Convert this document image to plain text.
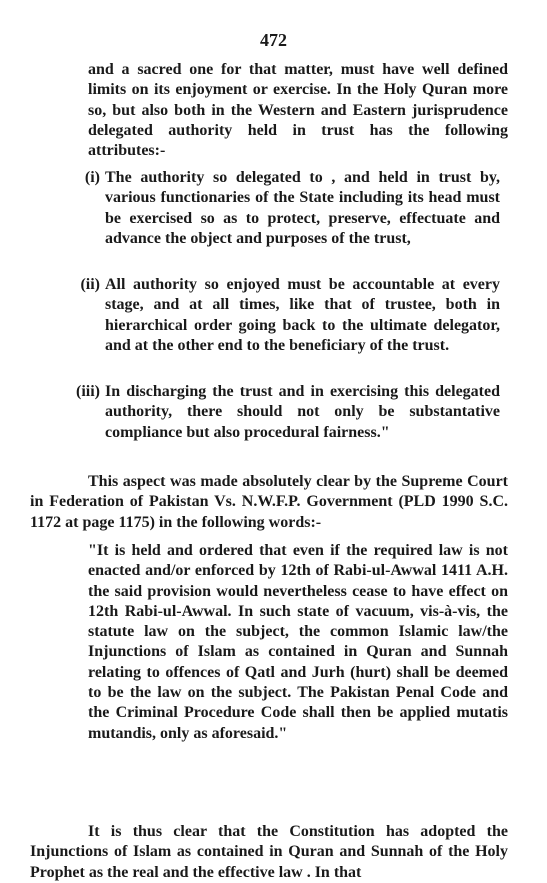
472
and a sacred one for that matter, must have well defined limits on its enjoyment or exercise. In the Holy Quran more so, but also both in the Western and Eastern jurisprudence delegated authority held in trust has the following attributes:-
(i) The authority so delegated to , and held in trust by, various functionaries of the State including its head must be exercised so as to protect, preserve, effectuate and advance the object and purposes of the trust,
(ii) All authority so enjoyed must be accountable at every stage, and at all times, like that of trustee, both in hierarchical order going back to the ultimate delegator, and at the other end to the beneficiary of the trust.
(iii) In discharging the trust and in exercising this delegated authority, there should not only be substantative compliance but also procedural fairness."
This aspect was made absolutely clear by the Supreme Court in Federation of Pakistan Vs. N.W.F.P. Government (PLD 1990 S.C. 1172 at page 1175) in the following words:-
"It is held and ordered that even if the required law is not enacted and/or enforced by 12th of Rabi-ul-Awwal 1411 A.H. the said provision would nevertheless cease to have effect on 12th Rabi-ul-Awwal. In such state of vacuum, vis-à-vis, the statute law on the subject, the common Islamic law/the Injunctions of Islam as contained in Quran and Sunnah relating to offences of Qatl and Jurh (hurt) shall be deemed to be the law on the subject. The Pakistan Penal Code and the Criminal Procedure Code shall then be applied mutatis mutandis, only as aforesaid."
It is thus clear that the Constitution has adopted the Injunctions of Islam as contained in Quran and Sunnah of the Holy Prophet as the real and the effective law . In that
